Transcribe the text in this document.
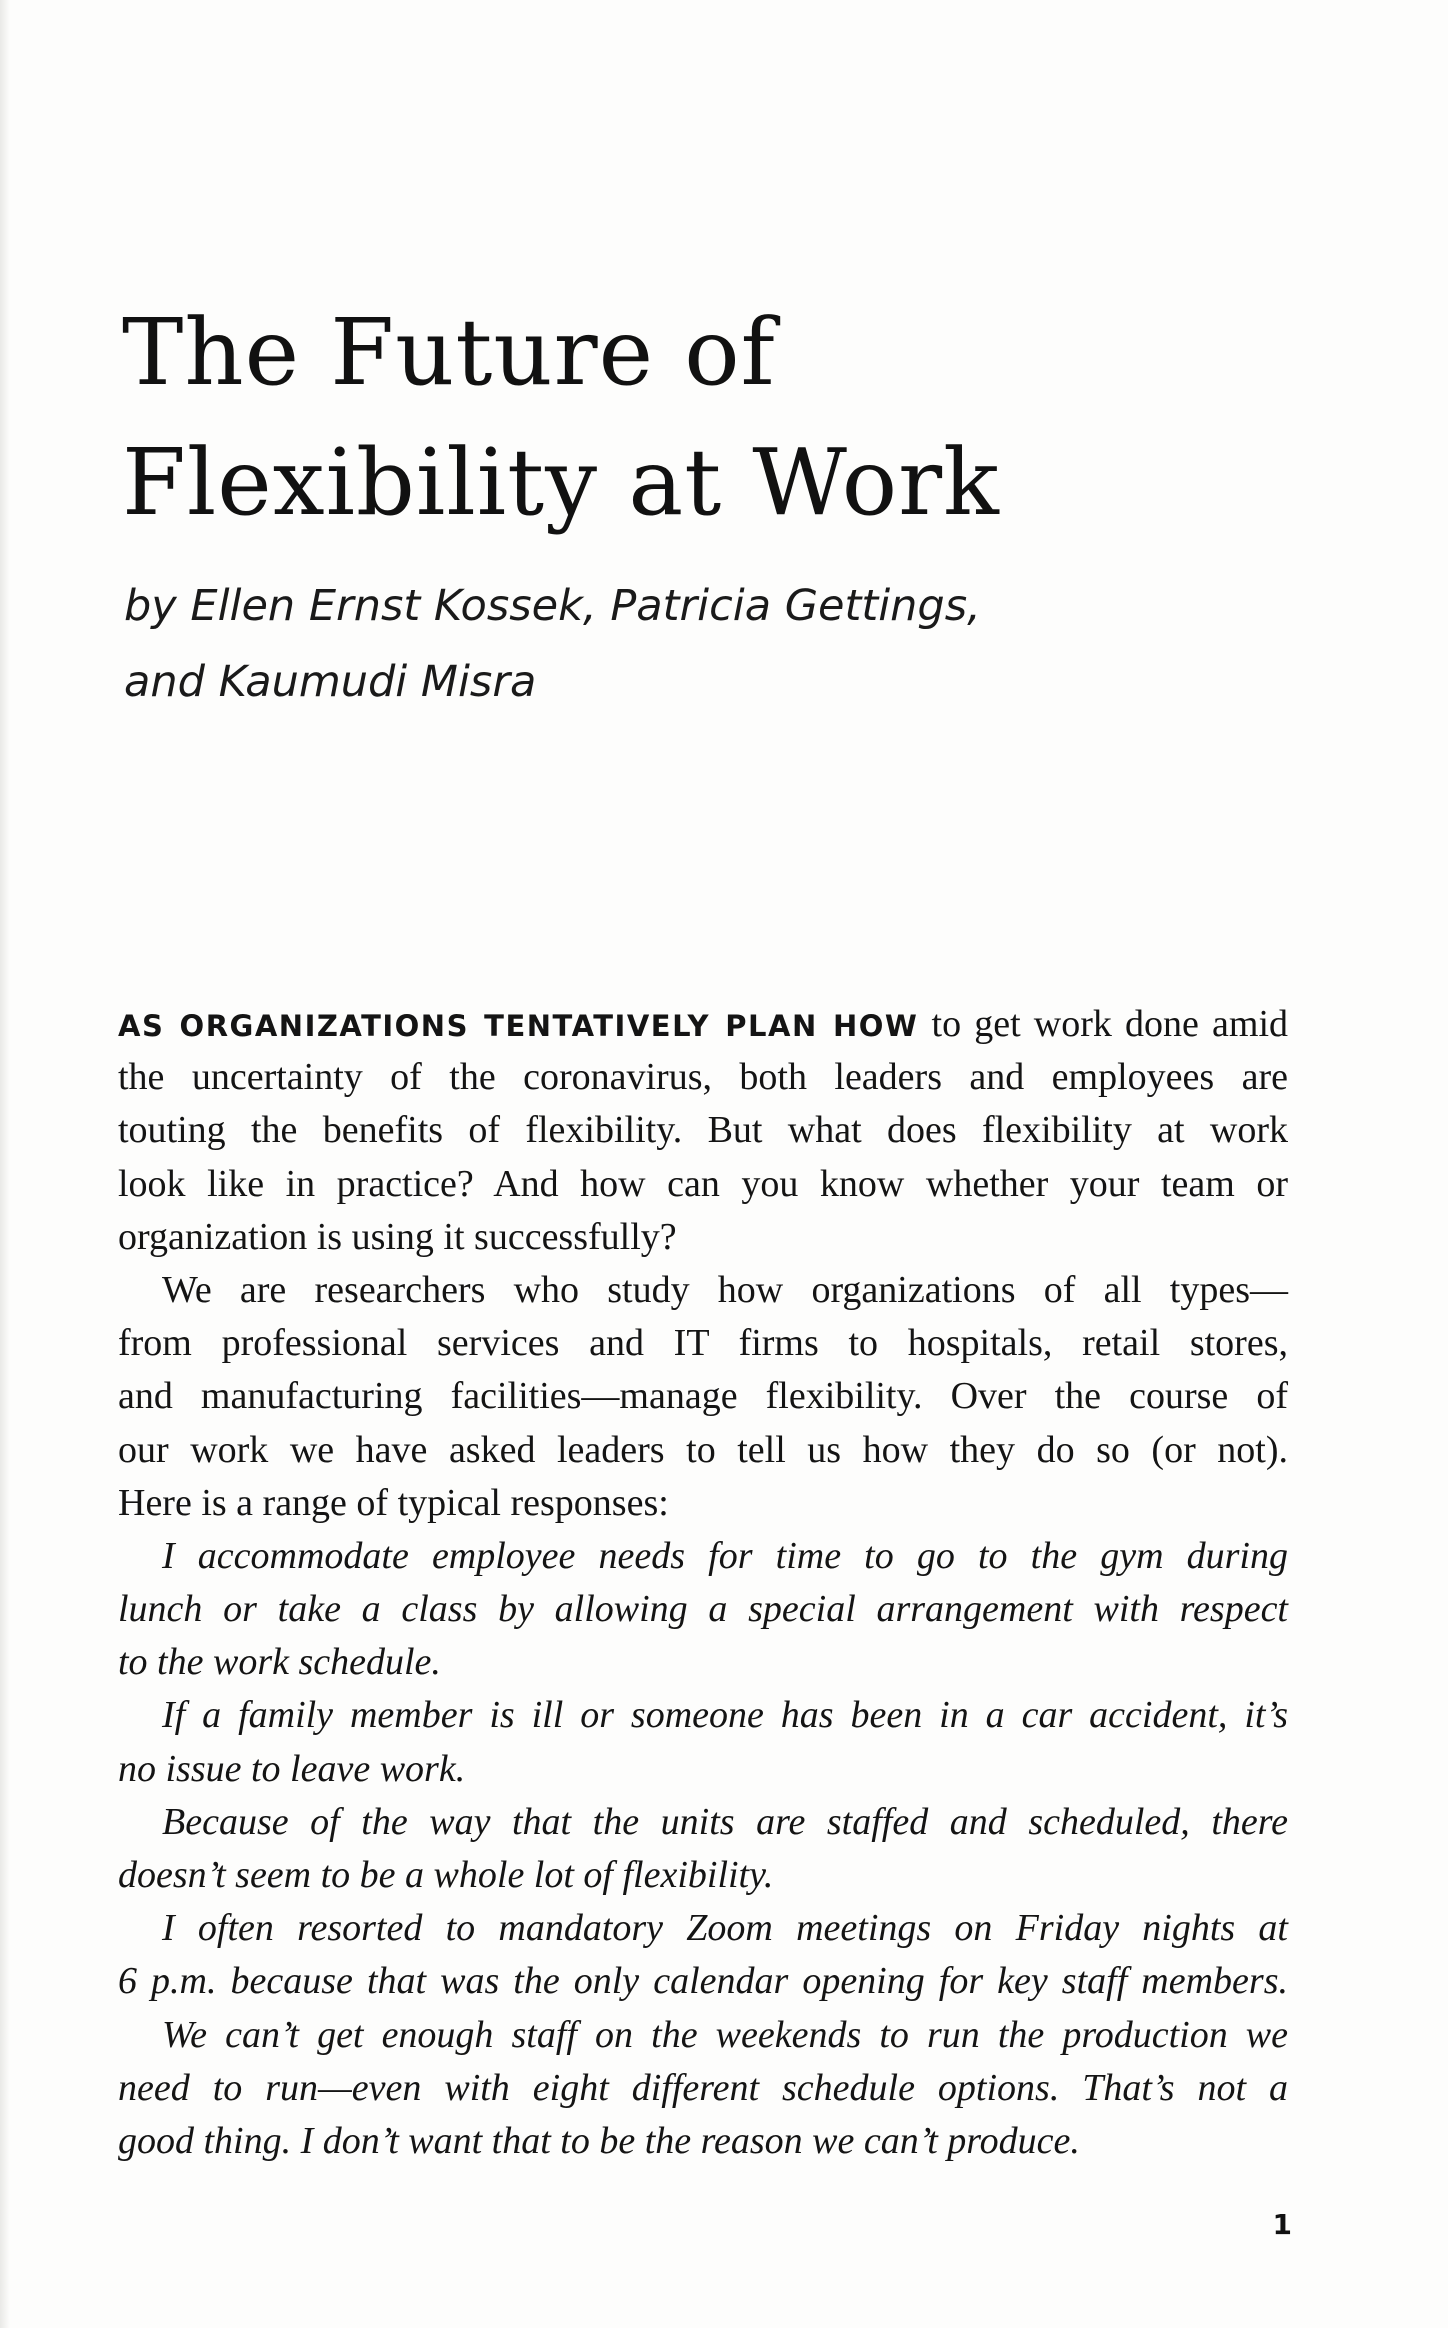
The Future of
Flexibility at Work

by Ellen Ernst Kossek, Patricia Gettings,
and Kaumudi Misra

AS ORGANIZATIONS TENTATIVELY PLAN HOW to get work done amid
the uncertainty of the coronavirus, both leaders and employees are
touting the benefits of flexibility. But what does flexibility at work
look like in practice? And how can you know whether your team or
organization is using it successfully?
We are researchers who study how organizations of all types—
from professional services and IT firms to hospitals, retail stores,
and manufacturing facilities—manage flexibility. Over the course of
our work we have asked leaders to tell us how they do so (or not).
Here is a range of typical responses:
I accommodate employee needs for time to go to the gym during
lunch or take a class by allowing a special arrangement with respect
to the work schedule.
If a family member is ill or someone has been in a car accident, it’s
no issue to leave work.
Because of the way that the units are staffed and scheduled, there
doesn’t seem to be a whole lot of flexibility.
I often resorted to mandatory Zoom meetings on Friday nights at
6 p.m. because that was the only calendar opening for key staff members.
We can’t get enough staff on the weekends to run the production we
need to run—even with eight different schedule options. That’s not a
good thing. I don’t want that to be the reason we can’t produce.
1
